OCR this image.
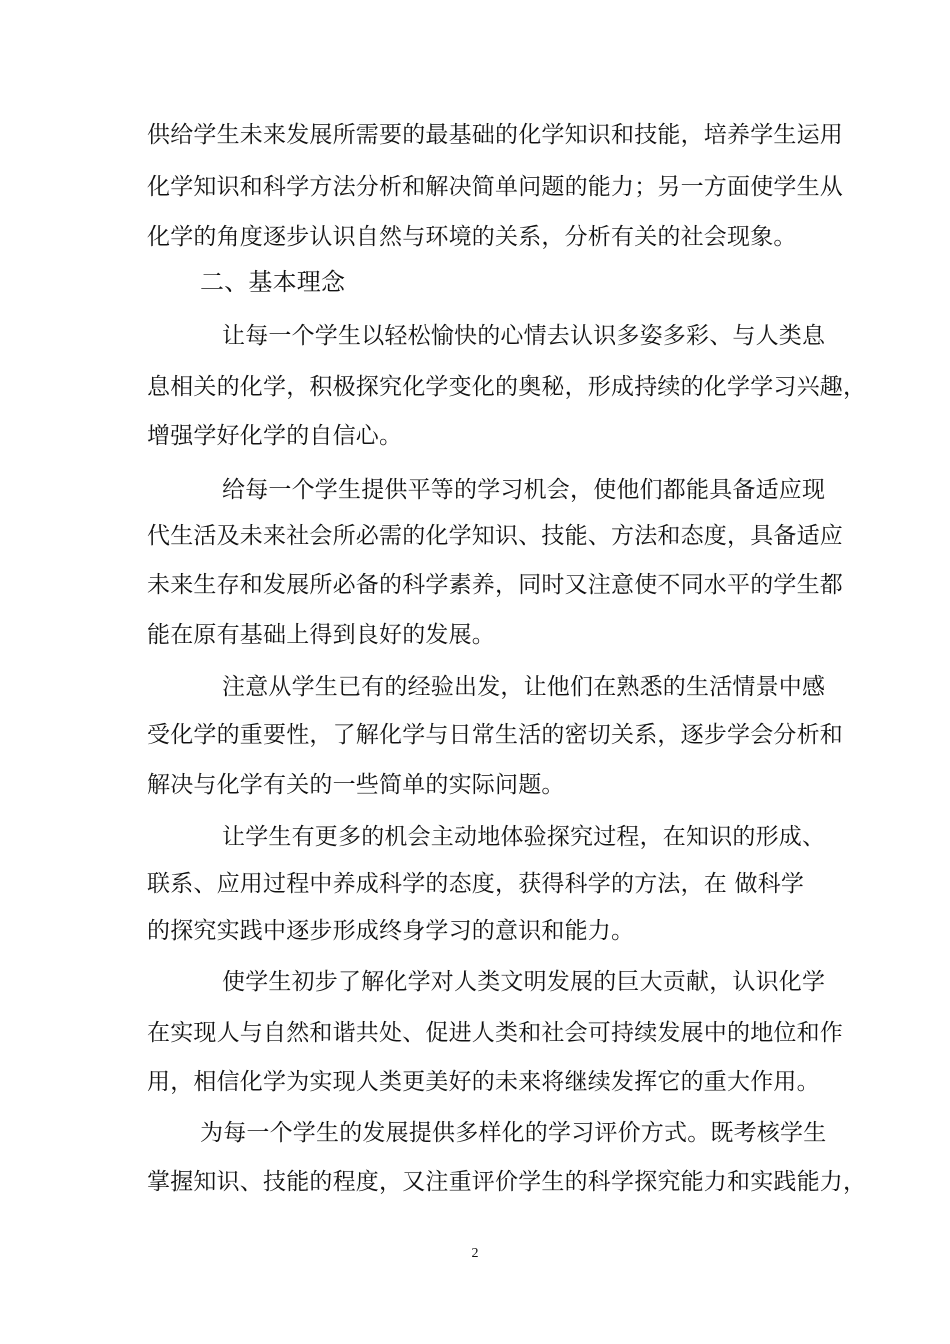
供给学生未来发展所需要的最基础的化学知识和技能，培养学生运用
化学知识和科学方法分析和解决简单问题的能力；另一方面使学生从
化学的角度逐步认识自然与环境的关系，分析有关的社会现象。
二、基本理念
让每一个学生以轻松愉快的心情去认识多姿多彩、与人类息
息相关的化学，积极探究化学变化的奥秘，形成持续的化学学习兴趣，
增强学好化学的自信心。
给每一个学生提供平等的学习机会，使他们都能具备适应现
代生活及未来社会所必需的化学知识、技能、方法和态度，具备适应
未来生存和发展所必备的科学素养，同时又注意使不同水平的学生都
能在原有基础上得到良好的发展。
注意从学生已有的经验出发，让他们在熟悉的生活情景中感
受化学的重要性，了解化学与日常生活的密切关系，逐步学会分析和
解决与化学有关的一些简单的实际问题。
让学生有更多的机会主动地体验探究过程，在知识的形成、
联系、应用过程中养成科学的态度，获得科学的方法，在 做科学
的探究实践中逐步形成终身学习的意识和能力。
使学生初步了解化学对人类文明发展的巨大贡献，认识化学
在实现人与自然和谐共处、促进人类和社会可持续发展中的地位和作
用，相信化学为实现人类更美好的未来将继续发挥它的重大作用。
为每一个学生的发展提供多样化的学习评价方式。既考核学生
掌握知识、技能的程度，又注重评价学生的科学探究能力和实践能力，
2
